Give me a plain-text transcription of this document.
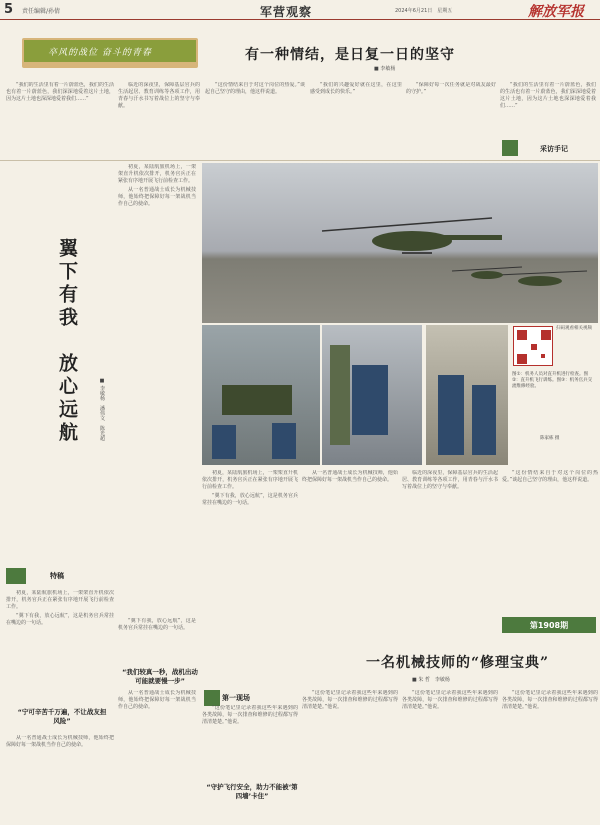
5 责任编辑/孙倩	军营观察	2024年6月21日　星期五	解放军报
卒风的战位 奋斗的青春	有一种情结，是日复一日的坚守
■ 李敏杨

“我们的生活里有着一片蔚蓝色，我们的生活也有着一片蔚蓝色，我们深深地爱着这片土地，因为这片土地也深深地爱着我们……”

临近的深夜里，保障基层官兵的生活起居、教育训练等各项工作，用青春与汗水书写着战位上的坚守与奉献。

“这份情结来自于对这个岗位的热爱。”谈起自己坚守的理由，他这样说道。

“我们的兴趣爱好就在这里，在这里感受到成长的快乐。”

“保障好每一次任务就是对战友最好的守护。”

“我们的生活里有着一片蔚蓝色，我们的生活也有着一片蔚蓝色，我们深深地爱着这片土地，因为这片土地也深深地爱着我们……”

采访手记
翼下有我　放心远航	■ 李敏杨　潘伟文　陈光超
特稿

初夏，某陆航旅机场上，一架架直升机依次排开，机务官兵正在紧张有序地开展飞行前检查工作。

“翼下有我，放心远航”，这是机务官兵常挂在嘴边的一句话。

“宁可辛苦千万遍，不让战友担风险”

从一名普通战士成长为机械技师，他始终把保障好每一架战机当作自己的使命。

初夏，某陆航旅机场上，一架架直升机依次排开，机务官兵正在紧张有序地开展飞行前检查工作。

从一名普通战士成长为机械技师，他始终把保障好每一架战机当作自己的使命。

“翼下有我，放心远航”，这是机务官兵常挂在嘴边的一句话。

“我们较真一秒，战机出动可能就要慢一步”

从一名普通战士成长为机械技师，他始终把保障好每一架战机当作自己的使命。

扫码观看相关视频
图①：机务人员对直升机进行检查。图②：直升机飞行训练。图③：机务官兵交流维修经验。
陈家栋 摄

初夏，某陆航旅机场上，一架架直升机依次排开，机务官兵正在紧张有序地开展飞行前检查工作。

“翼下有我，放心远航”，这是机务官兵常挂在嘴边的一句话。

从一名普通战士成长为机械技师，他始终把保障好每一架战机当作自己的使命。

临近的深夜里，保障基层官兵的生活起居、教育训练等各项工作，用青春与汗水书写着战位上的坚守与奉献。

“这份情结来自于对这个岗位的热爱。”谈起自己坚守的理由，他这样说道。

第1908期
一名机械技师的“修理宝典”
■ 朱 哲　李敏杨
第一现场

“这份笔记里记录着我这些年来遇到的各类故障，每一次排查和维修的过程都写得清清楚楚。”他说。

“守护飞行安全，助力不能被‘第四墙’卡住”

“这份笔记里记录着我这些年来遇到的各类故障，每一次排查和维修的过程都写得清清楚楚。”他说。

“这份笔记里记录着我这些年来遇到的各类故障，每一次排查和维修的过程都写得清清楚楚。”他说。

“这份笔记里记录着我这些年来遇到的各类故障，每一次排查和维修的过程都写得清清楚楚。”他说。
